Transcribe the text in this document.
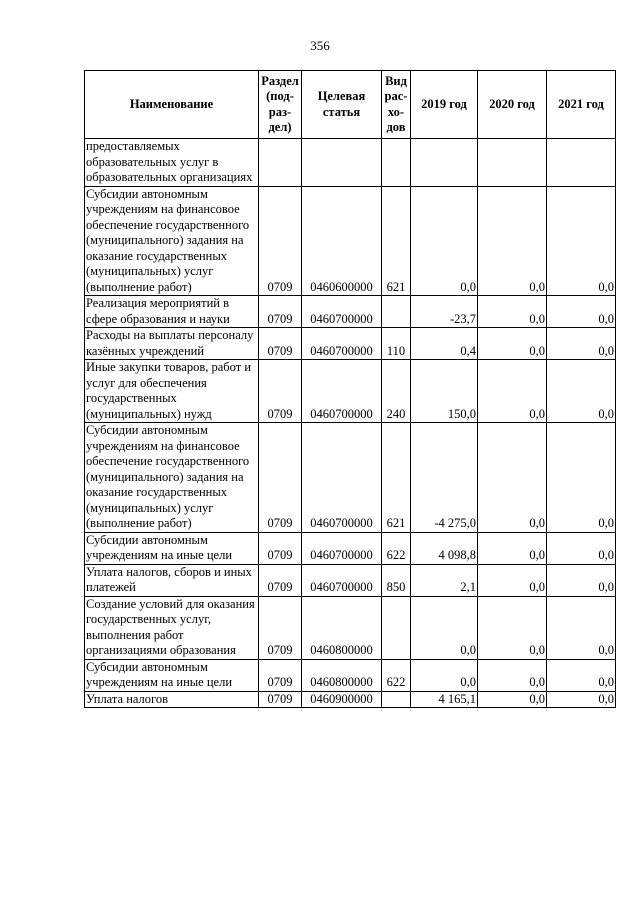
356
Наименование	Раздел (под-раз-дел)	Целевая статья	Вид рас-хо-дов	2019 год	2020 год	2021 год
предоставляемых образовательных услуг в образовательных организациях						
Субсидии автономным учреждениям на финансовое обеспечение государственного (муниципального) задания на оказание государственных (муниципальных) услуг (выполнение работ)	0709	0460600000	621	0,0	0,0	0,0
Реализация мероприятий в сфере образования и науки	0709	0460700000		-23,7	0,0	0,0
Расходы на выплаты персоналу казённых учреждений	0709	0460700000	110	0,4	0,0	0,0
Иные закупки товаров, работ и услуг для обеспечения государственных (муниципальных) нужд	0709	0460700000	240	150,0	0,0	0,0
Субсидии автономным учреждениям на финансовое обеспечение государственного (муниципального) задания на оказание государственных (муниципальных) услуг (выполнение работ)	0709	0460700000	621	-4 275,0	0,0	0,0
Субсидии автономным учреждениям на иные цели	0709	0460700000	622	4 098,8	0,0	0,0
Уплата налогов, сборов и иных платежей	0709	0460700000	850	2,1	0,0	0,0
Создание условий для оказания государственных услуг, выполнения работ организациями образования	0709	0460800000		0,0	0,0	0,0
Субсидии автономным учреждениям на иные цели	0709	0460800000	622	0,0	0,0	0,0
Уплата налогов	0709	0460900000		4 165,1	0,0	0,0
